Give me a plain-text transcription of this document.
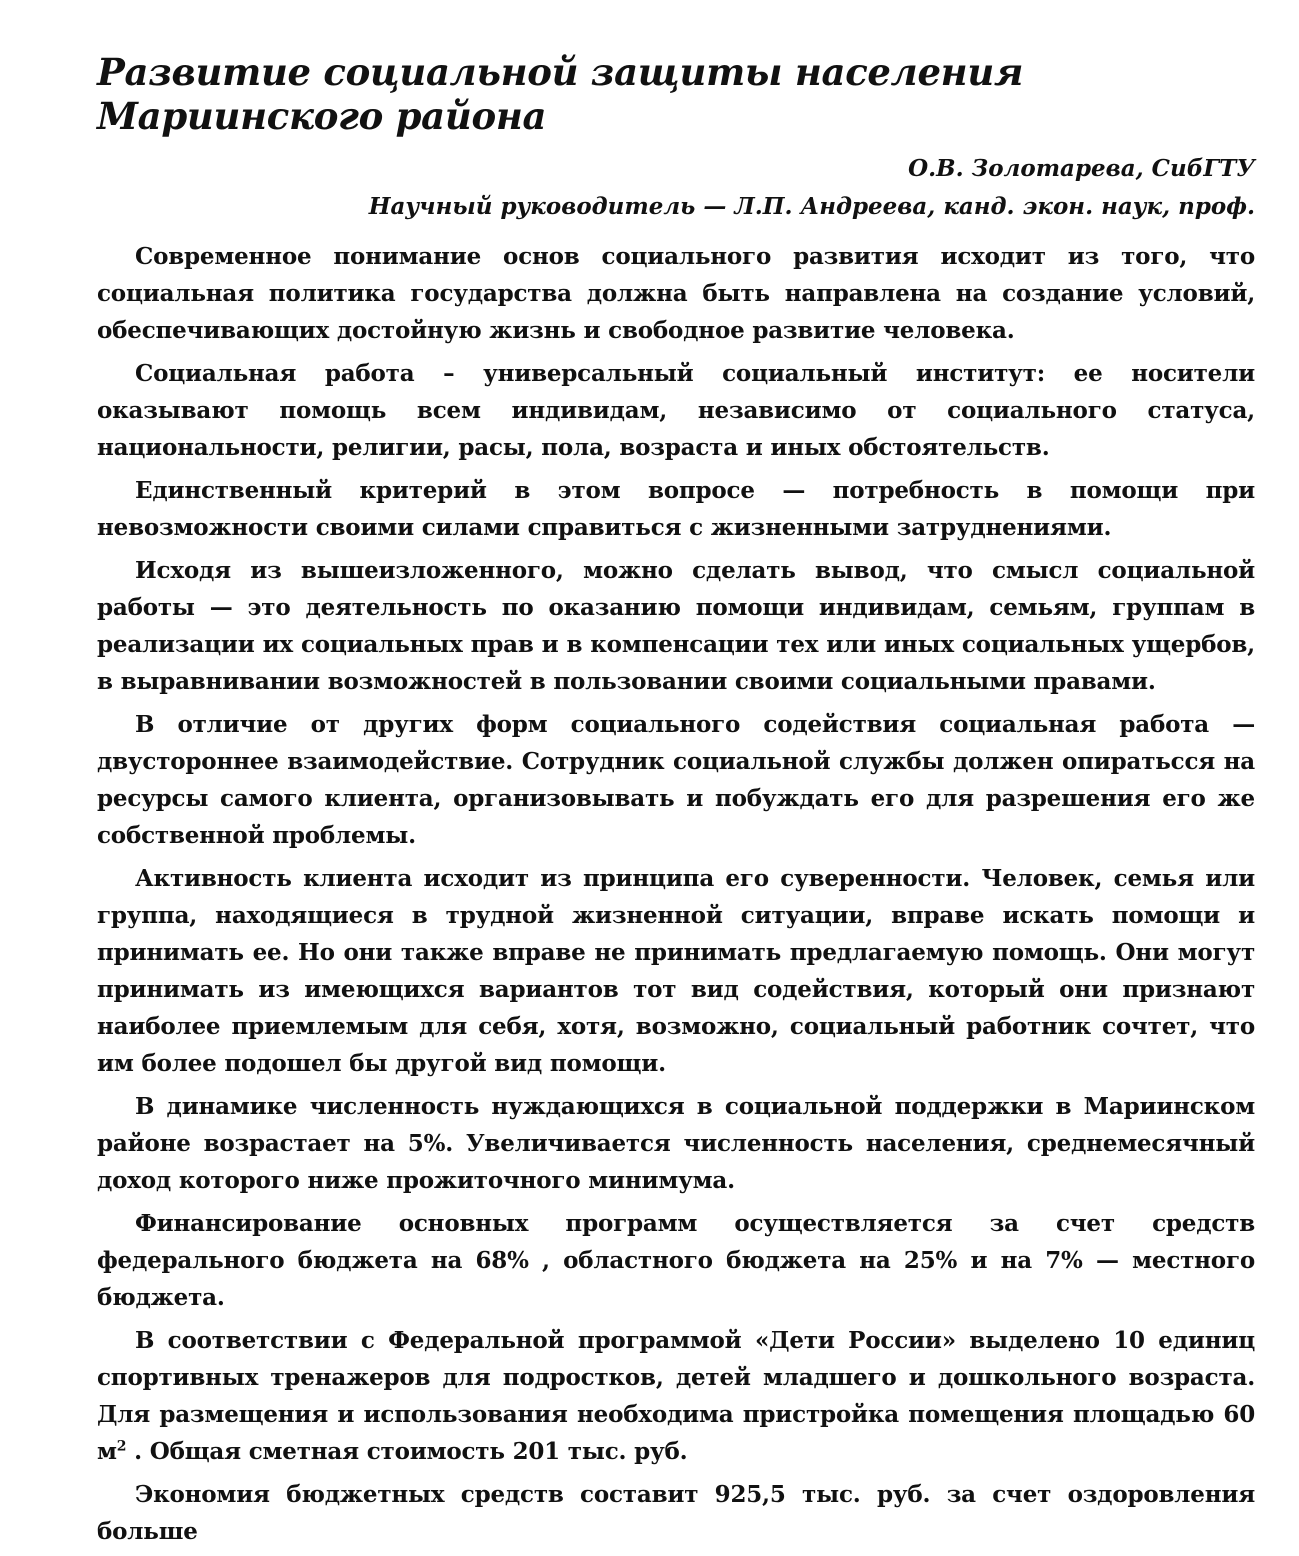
Развитие социальной защиты населения
Мариинского района
О.В. Золотарева, СибГТУ
Научный руководитель — Л.П. Андреева, канд. экон. наук, проф.

Современное понимание основ социального развития исходит из того, что социальная политика государства должна быть направлена на создание условий, обеспечивающих достойную жизнь и свободное развитие человека.

Социальная работа – универсальный социальный институт: ее носители оказывают помощь всем индивидам, независимо от социального статуса, национальности, религии, расы, пола, возраста и иных обстоятельств.

Единственный критерий в этом вопросе — потребность в помощи при невозможности своими силами справиться с жизненными затруднениями.

Исходя из вышеизложенного, можно сделать вывод, что смысл социальной работы — это деятельность по оказанию помощи индивидам, семьям, группам в реализации их социальных прав и в компенсации тех или иных социальных ущербов, в выравнивании возможностей в пользовании своими социальными правами.

В отличие от других форм социального содействия социальная работа — двустороннее взаимодействие. Сотрудник социальной службы должен опиратьсся на ресурсы самого клиента, организовывать и побуждать его для разрешения его же собственной проблемы.

Активность клиента исходит из принципа его суверенности. Человек, семья или группа, находящиеся в трудной жизненной ситуации, вправе искать помощи и принимать ее. Но они также вправе не принимать предлагаемую помощь. Они могут принимать из имеющихся вариантов тот вид содействия, который они признают наиболее приемлемым для себя, хотя, возможно, социальный работник сочтет, что им более подошел бы другой вид помощи.

В динамике численность нуждающихся в социальной поддержки в Мариинском районе возрастает на 5%. Увеличивается численность населения, среднемесячный доход которого ниже прожиточного минимума.

Финансирование основных программ осуществляется за счет средств федерального бюджета на 68% , областного бюджета на 25% и на 7% — местного бюджета.

В соответствии с Федеральной программой «Дети России» выделено 10 единиц спортивных тренажеров для подростков, детей младшего и дошкольного возраста. Для размещения и использования необходима пристройка помещения площадью 60 $м^2$ . Общая сметная стоимость 201 тыс. руб.

Экономия бюджетных средств составит 925,5 тыс. руб. за счет оздоровления больше
